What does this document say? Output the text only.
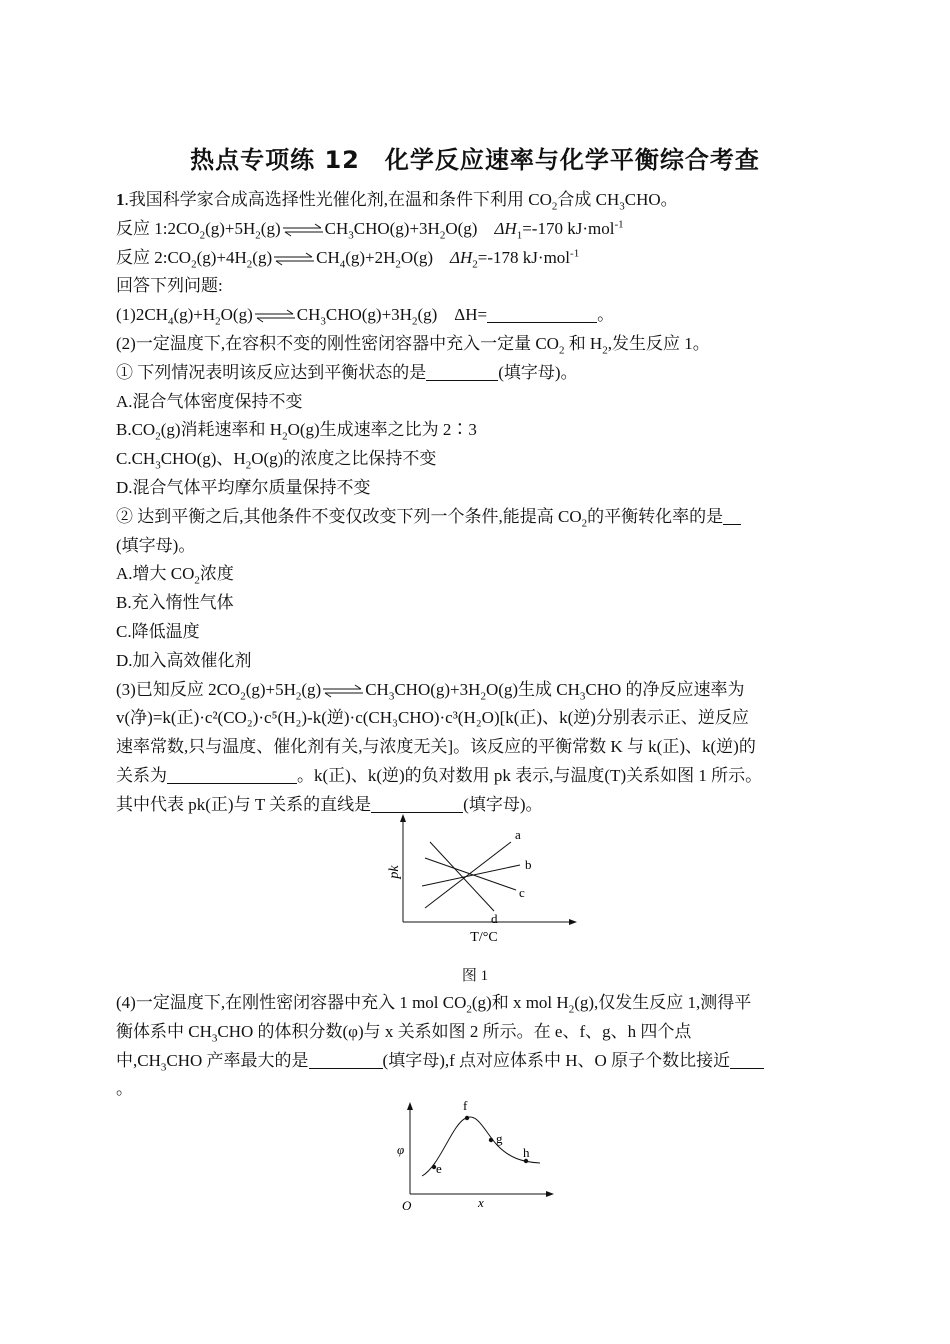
热点专项练 12　化学反应速率与化学平衡综合考查
1.我国科学家合成高选择性光催化剂,在温和条件下利用 $CO_2$合成 $CH_3CHO$。
反应 $1:2CO_2(g)+5H_2(g)\rightleftharpoons CH_3CHO(g)+3H_2O(g)$ $\Delta H_1=-170$ kJ·mol$^{-1}$
反应 $2:CO_2(g)+4H_2(g)\rightleftharpoons CH_4(g)+2H_2O(g)$ $\Delta H_2=-178$ kJ·mol$^{-1}$
回答下列问题:
$(1)2CH_4(g)+H_2O(g)\rightleftharpoons CH_3CHO(g)+3H_2(g)$ ΔH=	。
(2)一定温度下,在容积不变的刚性密闭容器中充入一定量 $CO_2$ 和 $H_2$,发生反应 1。
① 下列情况表明该反应达到平衡状态的是	(填字母)。
A.混合气体密度保持不变
$B.CO_2(g)$消耗速率和 $H_2O(g)$生成速率之比为 2∶3
$C.CH_3CHO(g)$、$H_2O(g)$的浓度之比保持不变
D.混合气体平均摩尔质量保持不变
② 达到平衡之后,其他条件不变仅改变下列一个条件,能提高 $CO_2$的平衡转化率的是
(填字母)。
A.增大 $CO_2$浓度
B.充入惰性气体
C.降低温度
D.加入高效催化剂
(3)已知反应 $2CO_2(g)+5H_2(g)\rightleftharpoons CH_3CHO(g)+3H_2O(g)$生成 $CH_3CHO$ 的净反应速率为
v(净)=k(正)·c²(CO₂)·c⁵(H₂)-k(逆)·c(CH₃CHO)·c³(H₂O)[k(正)、k(逆)分别表示正、逆反应
速率常数,只与温度、催化剂有关,与浓度无关]。该反应的平衡常数 K 与 k(正)、k(逆)的
关系为	。k(正)、k(逆)的负对数用 pk 表示,与温度(T)关系如图 1 所示。
其中代表 pk(正)与 T 关系的直线是	(填字母)。
a
b
c
d
pk
T/°C
图 1
(4)一定温度下,在刚性密闭容器中充入 1 mol $CO_2(g)$和 x mol $H_2(g)$,仅发生反应 1,测得平
衡体系中 $CH_3CHO$ 的体积分数(φ)与 x 关系如图 2 所示。在 e、f、g、h 四个点
中$,CH_3CHO$ 产率最大的是	(填字母),f 点对应体系中 H、O 原子个数比接近
。
e
f
g
h
φ
x
O
